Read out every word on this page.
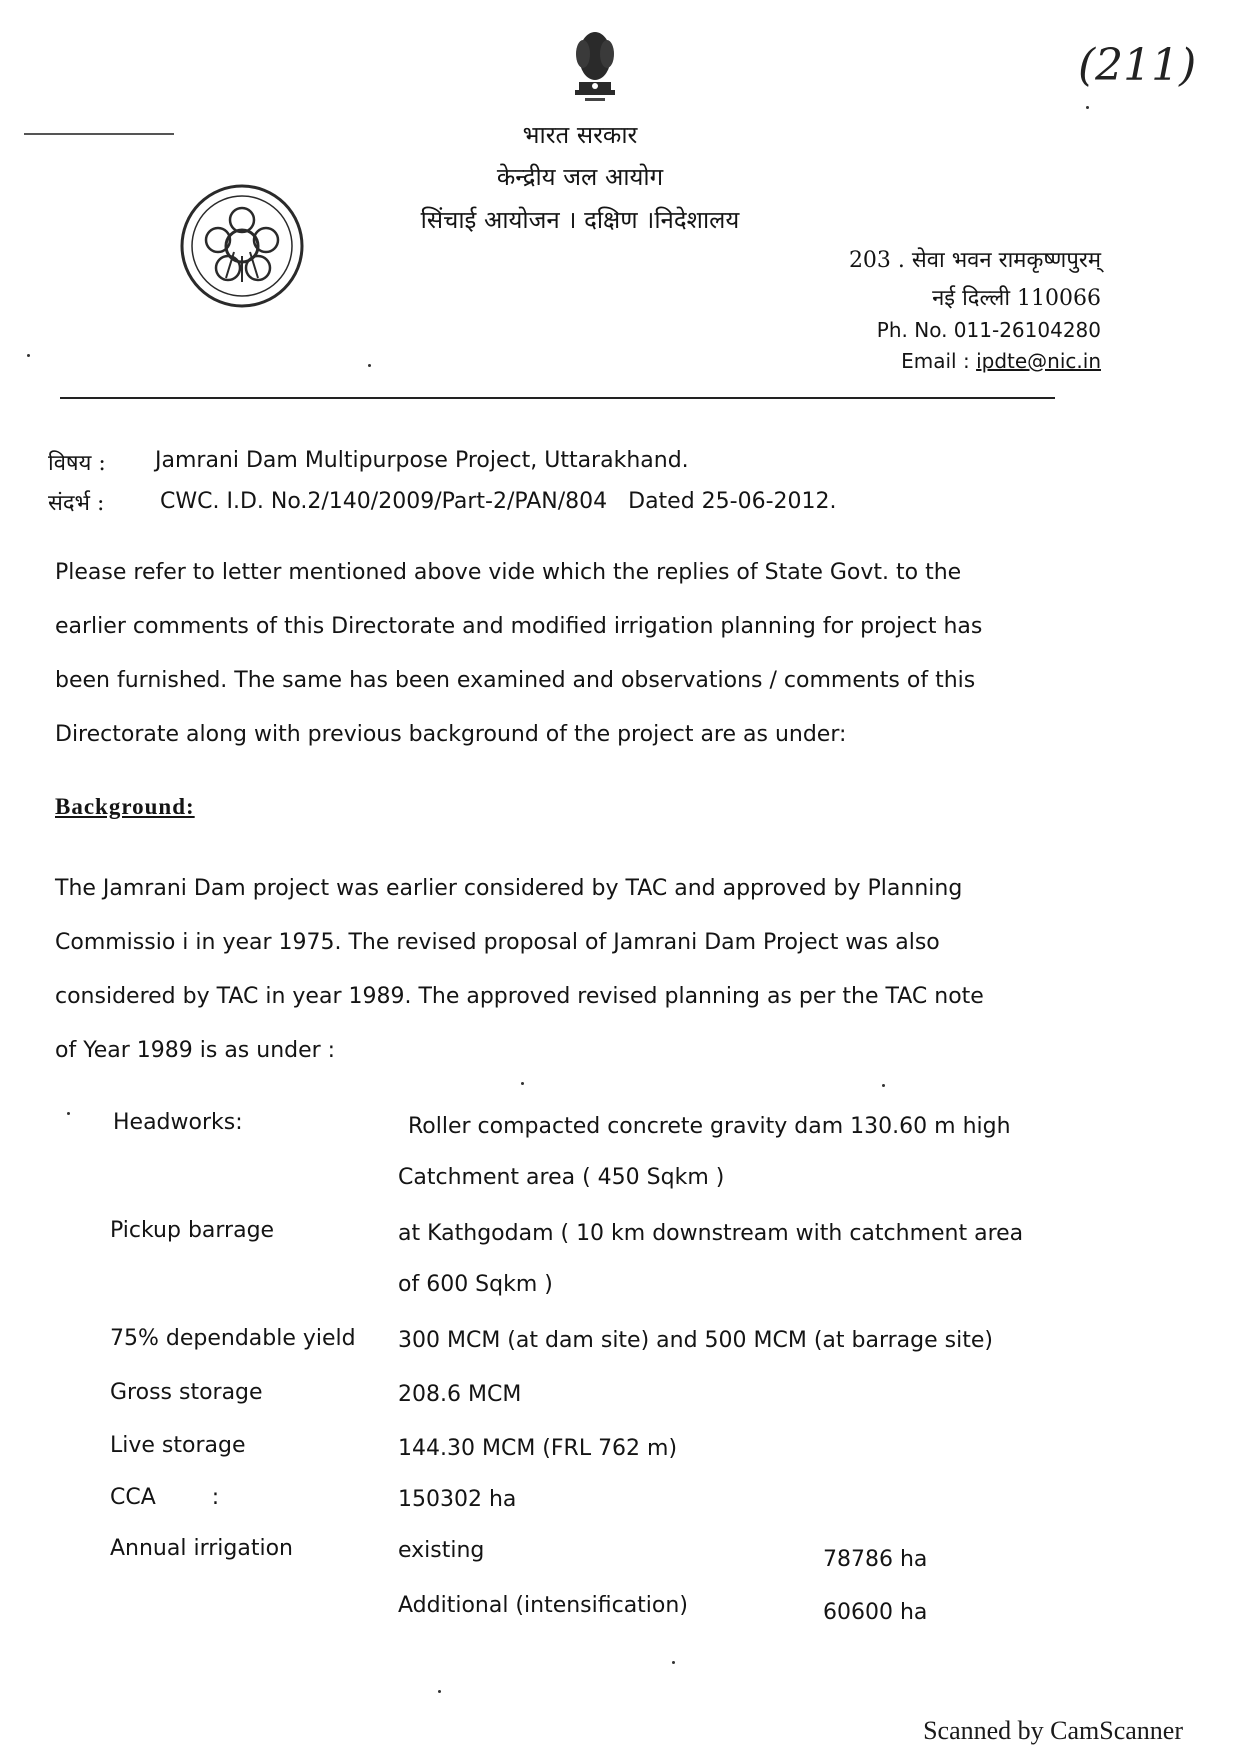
(211)
भारत सरकार
केन्द्रीय जल आयोग
सिंचाई आयोजन । दक्षिण ।निदेशालय
203 . सेवा भवन रामकृष्णपुरम्
नई दिल्ली 110066
Ph. No. 011-26104280
Email : ipdte@nic.in
विषय : Jamrani Dam Multipurpose Project, Uttarakhand.
संदर्भ :	CWC. I.D. No.2/140/2009/Part-2/PAN/804   Dated 25-06-2012.
Please refer to letter mentioned above vide which the replies of State Govt. to the
earlier comments of this Directorate and modified irrigation planning for project has
been furnished. The same has been examined and observations / comments of this
Directorate along with previous background of the project are as under:
Background:
The Jamrani Dam project was earlier considered by TAC and approved by Planning
Commissio i in year 1975. The revised proposal of Jamrani Dam Project was also
considered by TAC in year 1989. The approved revised planning as per the TAC note
of Year 1989 is as under :
Headworks:	Roller compacted concrete gravity dam 130.60 m high
Catchment area ( 450 Sqkm )
Pickup barrage	at Kathgodam ( 10 km downstream with catchment area
of 600 Sqkm )
75% dependable yield 300 MCM (at dam site) and 500 MCM (at barrage site)
Gross storage	208.6 MCM
Live storage	144.30 MCM (FRL 762 m)
CCA        :	150302 ha
Annual irrigation	existing	78786 ha
Additional (intensification)	60600 ha
Scanned by CamScanner
